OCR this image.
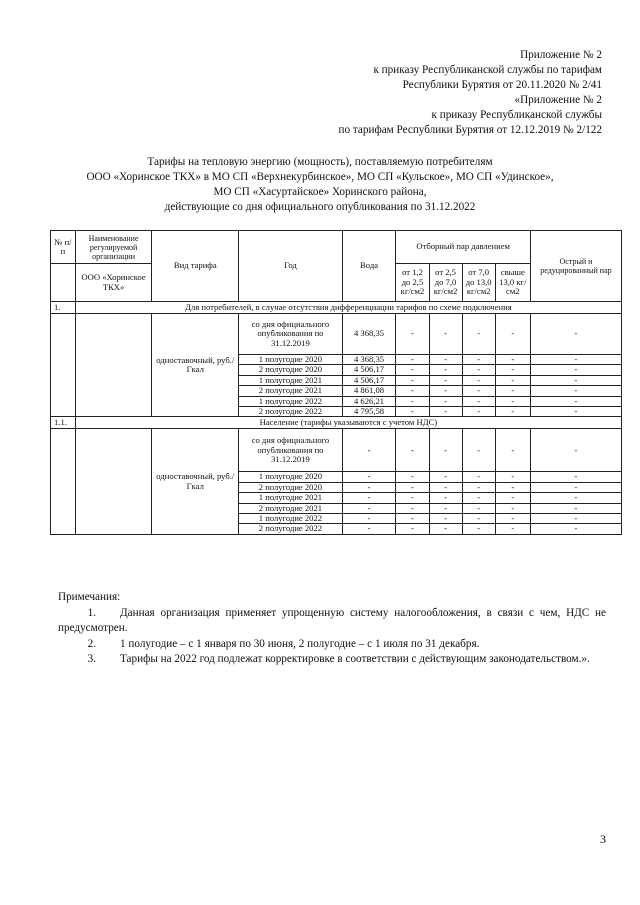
Приложение № 2
к приказу Республиканской службы по тарифам
Республики Бурятия от 20.11.2020 № 2/41
«Приложение № 2
к приказу Республиканской службы
по тарифам Республики Бурятия от 12.12.2019 № 2/122
Тарифы на тепловую энергию (мощность), поставляемую потребителям
ООО «Хоринское ТКХ» в МО СП «Верхнекурбинское», МО СП «Кульское», МО СП «Удинское»,
МО СП «Хасуртайское» Хоринского района,
действующие со дня официального опубликования по 31.12.2022
№ п/п	Наименование регулируемой организации	Вид тарифа	Год	Вода	Отборный пар давлением				Острый и редуцированный пар
	ООО «Хоринское ТКХ»				от 1,2 до 2,5 кг/см2	от 2,5 до 7,0 кг/см2	от 7,0 до 13,0 кг/см2	свыше 13,0 кг/см2	
1.	Для потребителей, в случае отсутствия дифференциации тарифов по схеме подключения								
		одноставочный, руб./Гкал	со дня официального опубликования по 31.12.2019	4 368,35	-	-	-	-	-
			1 полугодие 2020	4 368,35	-	-	-	-	-
			2 полугодие 2020	4 506,17	-	-	-	-	-
			1 полугодие 2021	4 506,17	-	-	-	-	-
			2 полугодие 2021	4 861,08	-	-	-	-	-
			1 полугодие 2022	4 626,21	-	-	-	-	-
			2 полугодие 2022	4 795,58	-	-	-	-	-
1.1.	Население (тарифы указываются с учетом НДС)								
		одноставочный, руб./Гкал	со дня официального опубликования по 31.12.2019	-	-	-	-	-	-
			1 полугодие 2020	-	-	-	-	-	-
			2 полугодие 2020	-	-	-	-	-	-
			1 полугодие 2021	-	-	-	-	-	-
			2 полугодие 2021	-	-	-	-	-	-
			1 полугодие 2022	-	-	-	-	-	-
			2 полугодие 2022	-	-	-	-	-	-
Примечания:
1. Данная организация применяет упрощенную систему налогообложения, в связи с чем, НДС не предусмотрен.
2. 1 полугодие – с 1 января по 30 июня, 2 полугодие – с 1 июля по 31 декабря.
3. Тарифы на 2022 год подлежат корректировке в соответствии с действующим законодательством.».
3
